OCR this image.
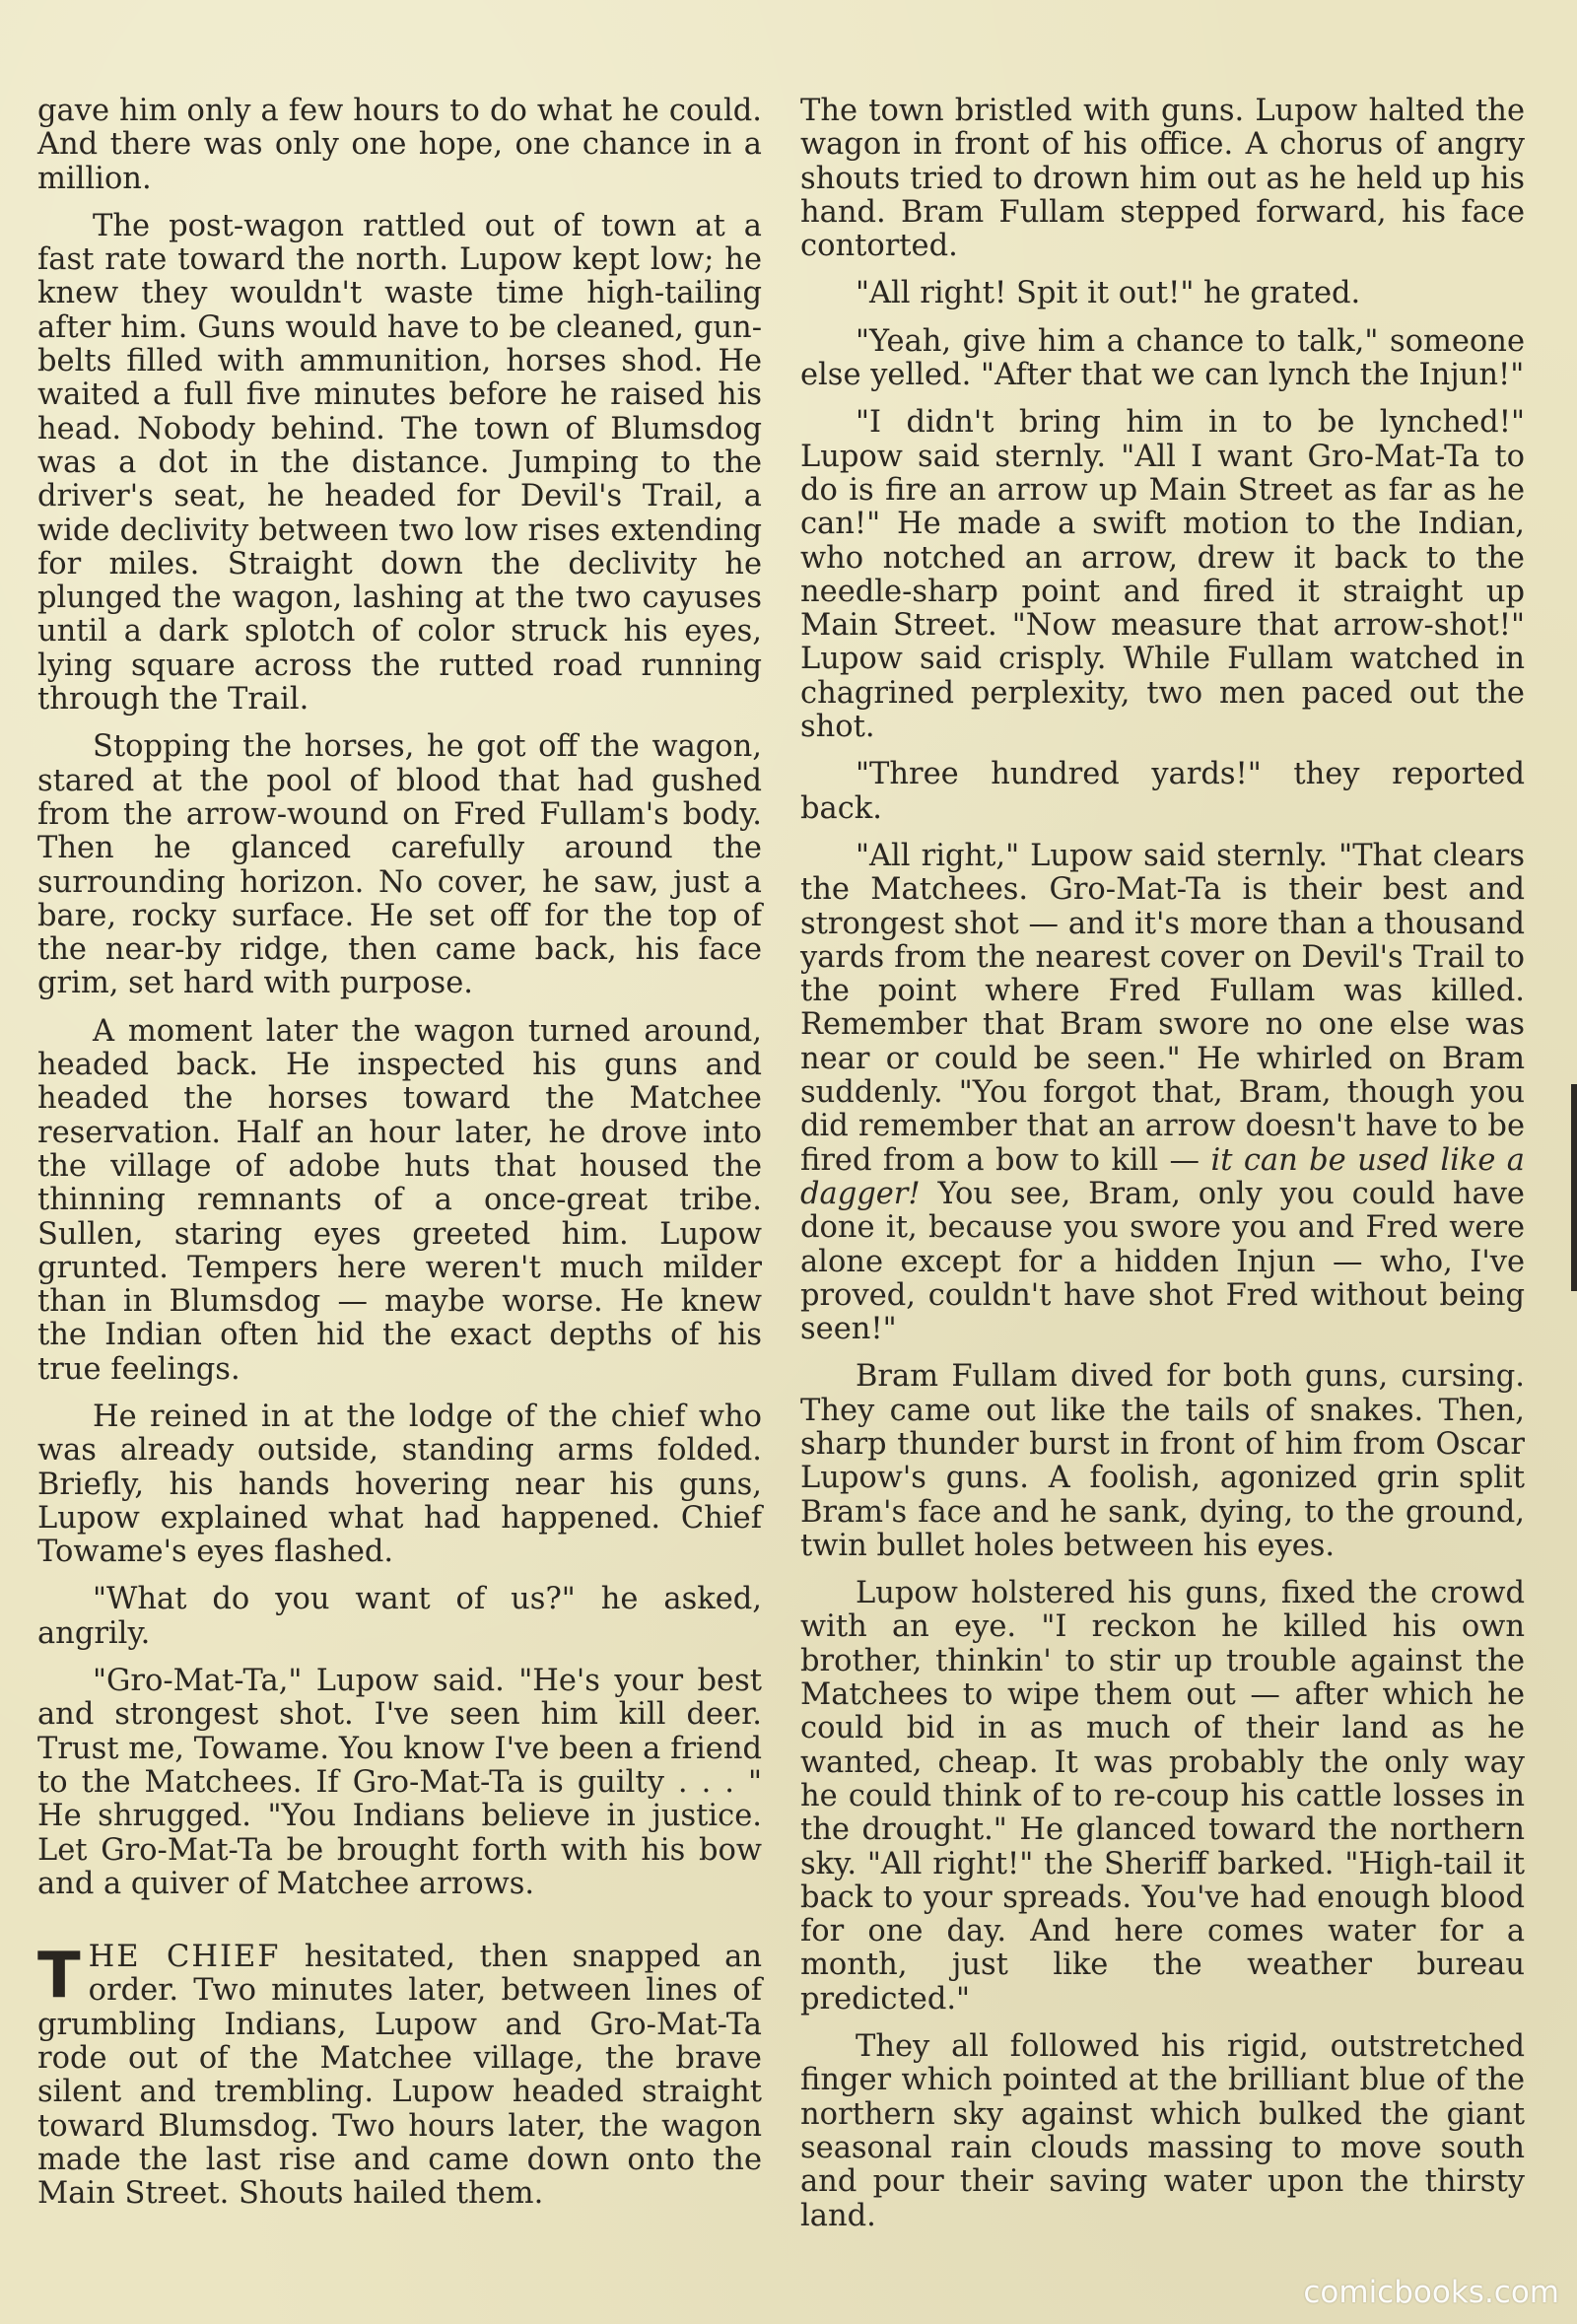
gave him only a few hours to do what he could. And there was only one hope, one chance in a million.

The post-wagon rattled out of town at a fast rate toward the north. Lupow kept low; he knew they wouldn't waste time high-tailing after him. Guns would have to be cleaned, gun-belts filled with ammunition, horses shod. He waited a full five minutes before he raised his head. Nobody behind. The town of Blumsdog was a dot in the distance. Jumping to the driver's seat, he headed for Devil's Trail, a wide declivity between two low rises extending for miles. Straight down the declivity he plunged the wagon, lashing at the two cayuses until a dark splotch of color struck his eyes, lying square across the rutted road running through the Trail.

Stopping the horses, he got off the wagon, stared at the pool of blood that had gushed from the arrow-wound on Fred Fullam's body. Then he glanced carefully around the surrounding horizon. No cover, he saw, just a bare, rocky surface. He set off for the top of the near-by ridge, then came back, his face grim, set hard with purpose.

A moment later the wagon turned around, headed back. He inspected his guns and headed the horses toward the Matchee reservation. Half an hour later, he drove into the village of adobe huts that housed the thinning remnants of a once-great tribe. Sullen, staring eyes greeted him. Lupow grunted. Tempers here weren't much milder than in Blumsdog — maybe worse. He knew the Indian often hid the exact depths of his true feelings.

He reined in at the lodge of the chief who was already outside, standing arms folded. Briefly, his hands hovering near his guns, Lupow explained what had happened. Chief Towame's eyes flashed.

"What do you want of us?" he asked, angrily.

"Gro-Mat-Ta," Lupow said. "He's your best and strongest shot. I've seen him kill deer. Trust me, Towame. You know I've been a friend to the Matchees. If Gro-Mat-Ta is guilty . . . " He shrugged. "You Indians believe in justice. Let Gro-Mat-Ta be brought forth with his bow and a quiver of Matchee arrows.

THE CHIEF hesitated, then snapped an order. Two minutes later, between lines of grumbling Indians, Lupow and Gro-Mat-Ta rode out of the Matchee village, the brave silent and trembling. Lupow headed straight toward Blumsdog. Two hours later, the wagon made the last rise and came down onto the Main Street. Shouts hailed them.

The town bristled with guns. Lupow halted the wagon in front of his office. A chorus of angry shouts tried to drown him out as he held up his hand. Bram Fullam stepped forward, his face contorted.

"All right! Spit it out!" he grated.

"Yeah, give him a chance to talk," someone else yelled. "After that we can lynch the Injun!"

"I didn't bring him in to be lynched!" Lupow said sternly. "All I want Gro-Mat-Ta to do is fire an arrow up Main Street as far as he can!" He made a swift motion to the Indian, who notched an arrow, drew it back to the needle-sharp point and fired it straight up Main Street. "Now measure that arrow-shot!" Lupow said crisply. While Fullam watched in chagrined perplexity, two men paced out the shot.

"Three hundred yards!" they reported back.

"All right," Lupow said sternly. "That clears the Matchees. Gro-Mat-Ta is their best and strongest shot — and it's more than a thousand yards from the nearest cover on Devil's Trail to the point where Fred Fullam was killed. Remember that Bram swore no one else was near or could be seen." He whirled on Bram suddenly. "You forgot that, Bram, though you did remember that an arrow doesn't have to be fired from a bow to kill — it can be used like a dagger! You see, Bram, only you could have done it, because you swore you and Fred were alone except for a hidden Injun — who, I've proved, couldn't have shot Fred without being seen!"

Bram Fullam dived for both guns, cursing. They came out like the tails of snakes. Then, sharp thunder burst in front of him from Oscar Lupow's guns. A foolish, agonized grin split Bram's face and he sank, dying, to the ground, twin bullet holes between his eyes.

Lupow holstered his guns, fixed the crowd with an eye. "I reckon he killed his own brother, thinkin' to stir up trouble against the Matchees to wipe them out — after which he could bid in as much of their land as he wanted, cheap. It was probably the only way he could think of to re-coup his cattle losses in the drought." He glanced toward the northern sky. "All right!" the Sheriff barked. "High-tail it back to your spreads. You've had enough blood for one day. And here comes water for a month, just like the weather bureau predicted."

They all followed his rigid, outstretched finger which pointed at the brilliant blue of the northern sky against which bulked the giant seasonal rain clouds massing to move south and pour their saving water upon the thirsty land.

comicbooks.com
